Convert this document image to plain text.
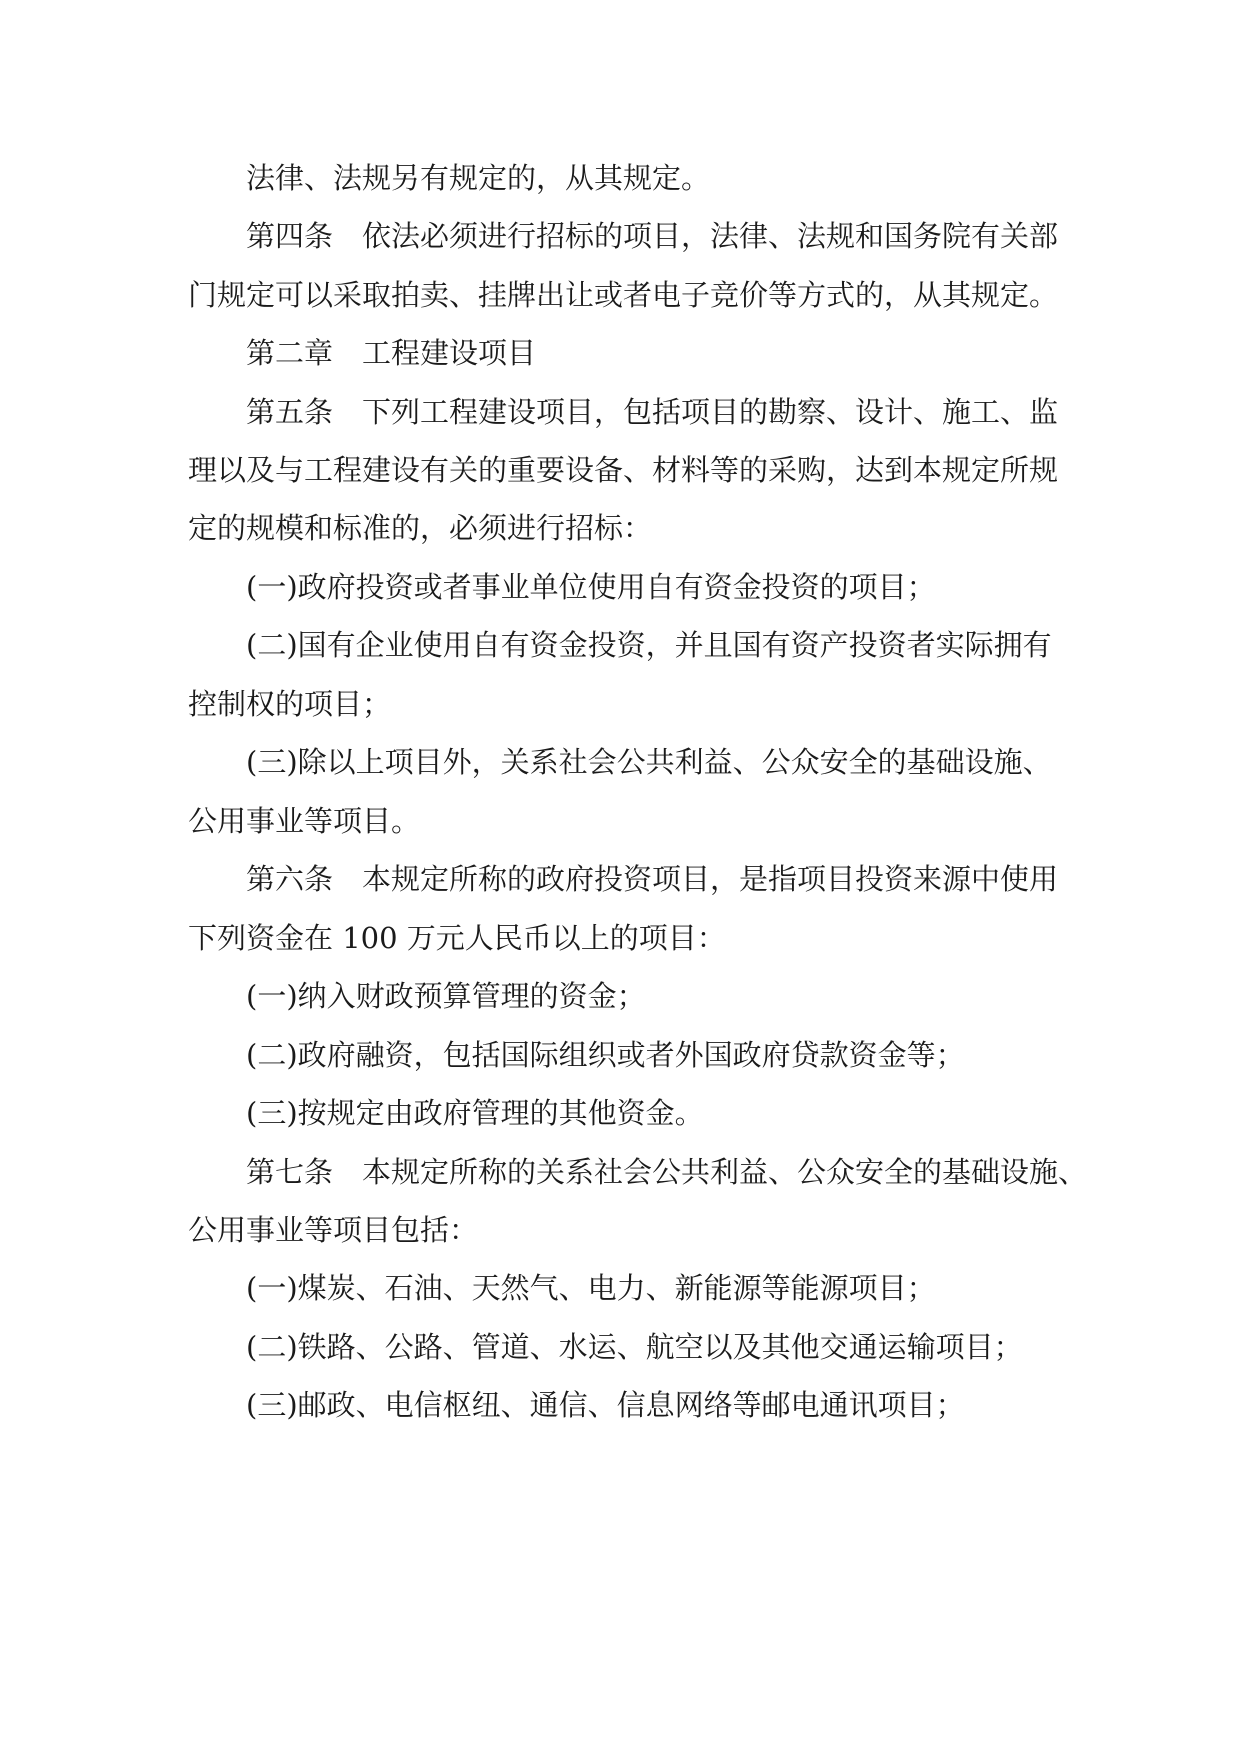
法律、法规另有规定的，从其规定。
第四条　依法必须进行招标的项目，法律、法规和国务院有关部
门规定可以采取拍卖、挂牌出让或者电子竞价等方式的，从其规定。
第二章　工程建设项目
第五条　下列工程建设项目，包括项目的勘察、设计、施工、监
理以及与工程建设有关的重要设备、材料等的采购，达到本规定所规
定的规模和标准的，必须进行招标：
(一)政府投资或者事业单位使用自有资金投资的项目；
(二)国有企业使用自有资金投资，并且国有资产投资者实际拥有
控制权的项目；
(三)除以上项目外，关系社会公共利益、公众安全的基础设施、
公用事业等项目。
第六条　本规定所称的政府投资项目，是指项目投资来源中使用
下列资金在 100 万元人民币以上的项目：
(一)纳入财政预算管理的资金；
(二)政府融资，包括国际组织或者外国政府贷款资金等；
(三)按规定由政府管理的其他资金。
第七条　本规定所称的关系社会公共利益、公众安全的基础设施、
公用事业等项目包括：
(一)煤炭、石油、天然气、电力、新能源等能源项目；
(二)铁路、公路、管道、水运、航空以及其他交通运输项目；
(三)邮政、电信枢纽、通信、信息网络等邮电通讯项目；
